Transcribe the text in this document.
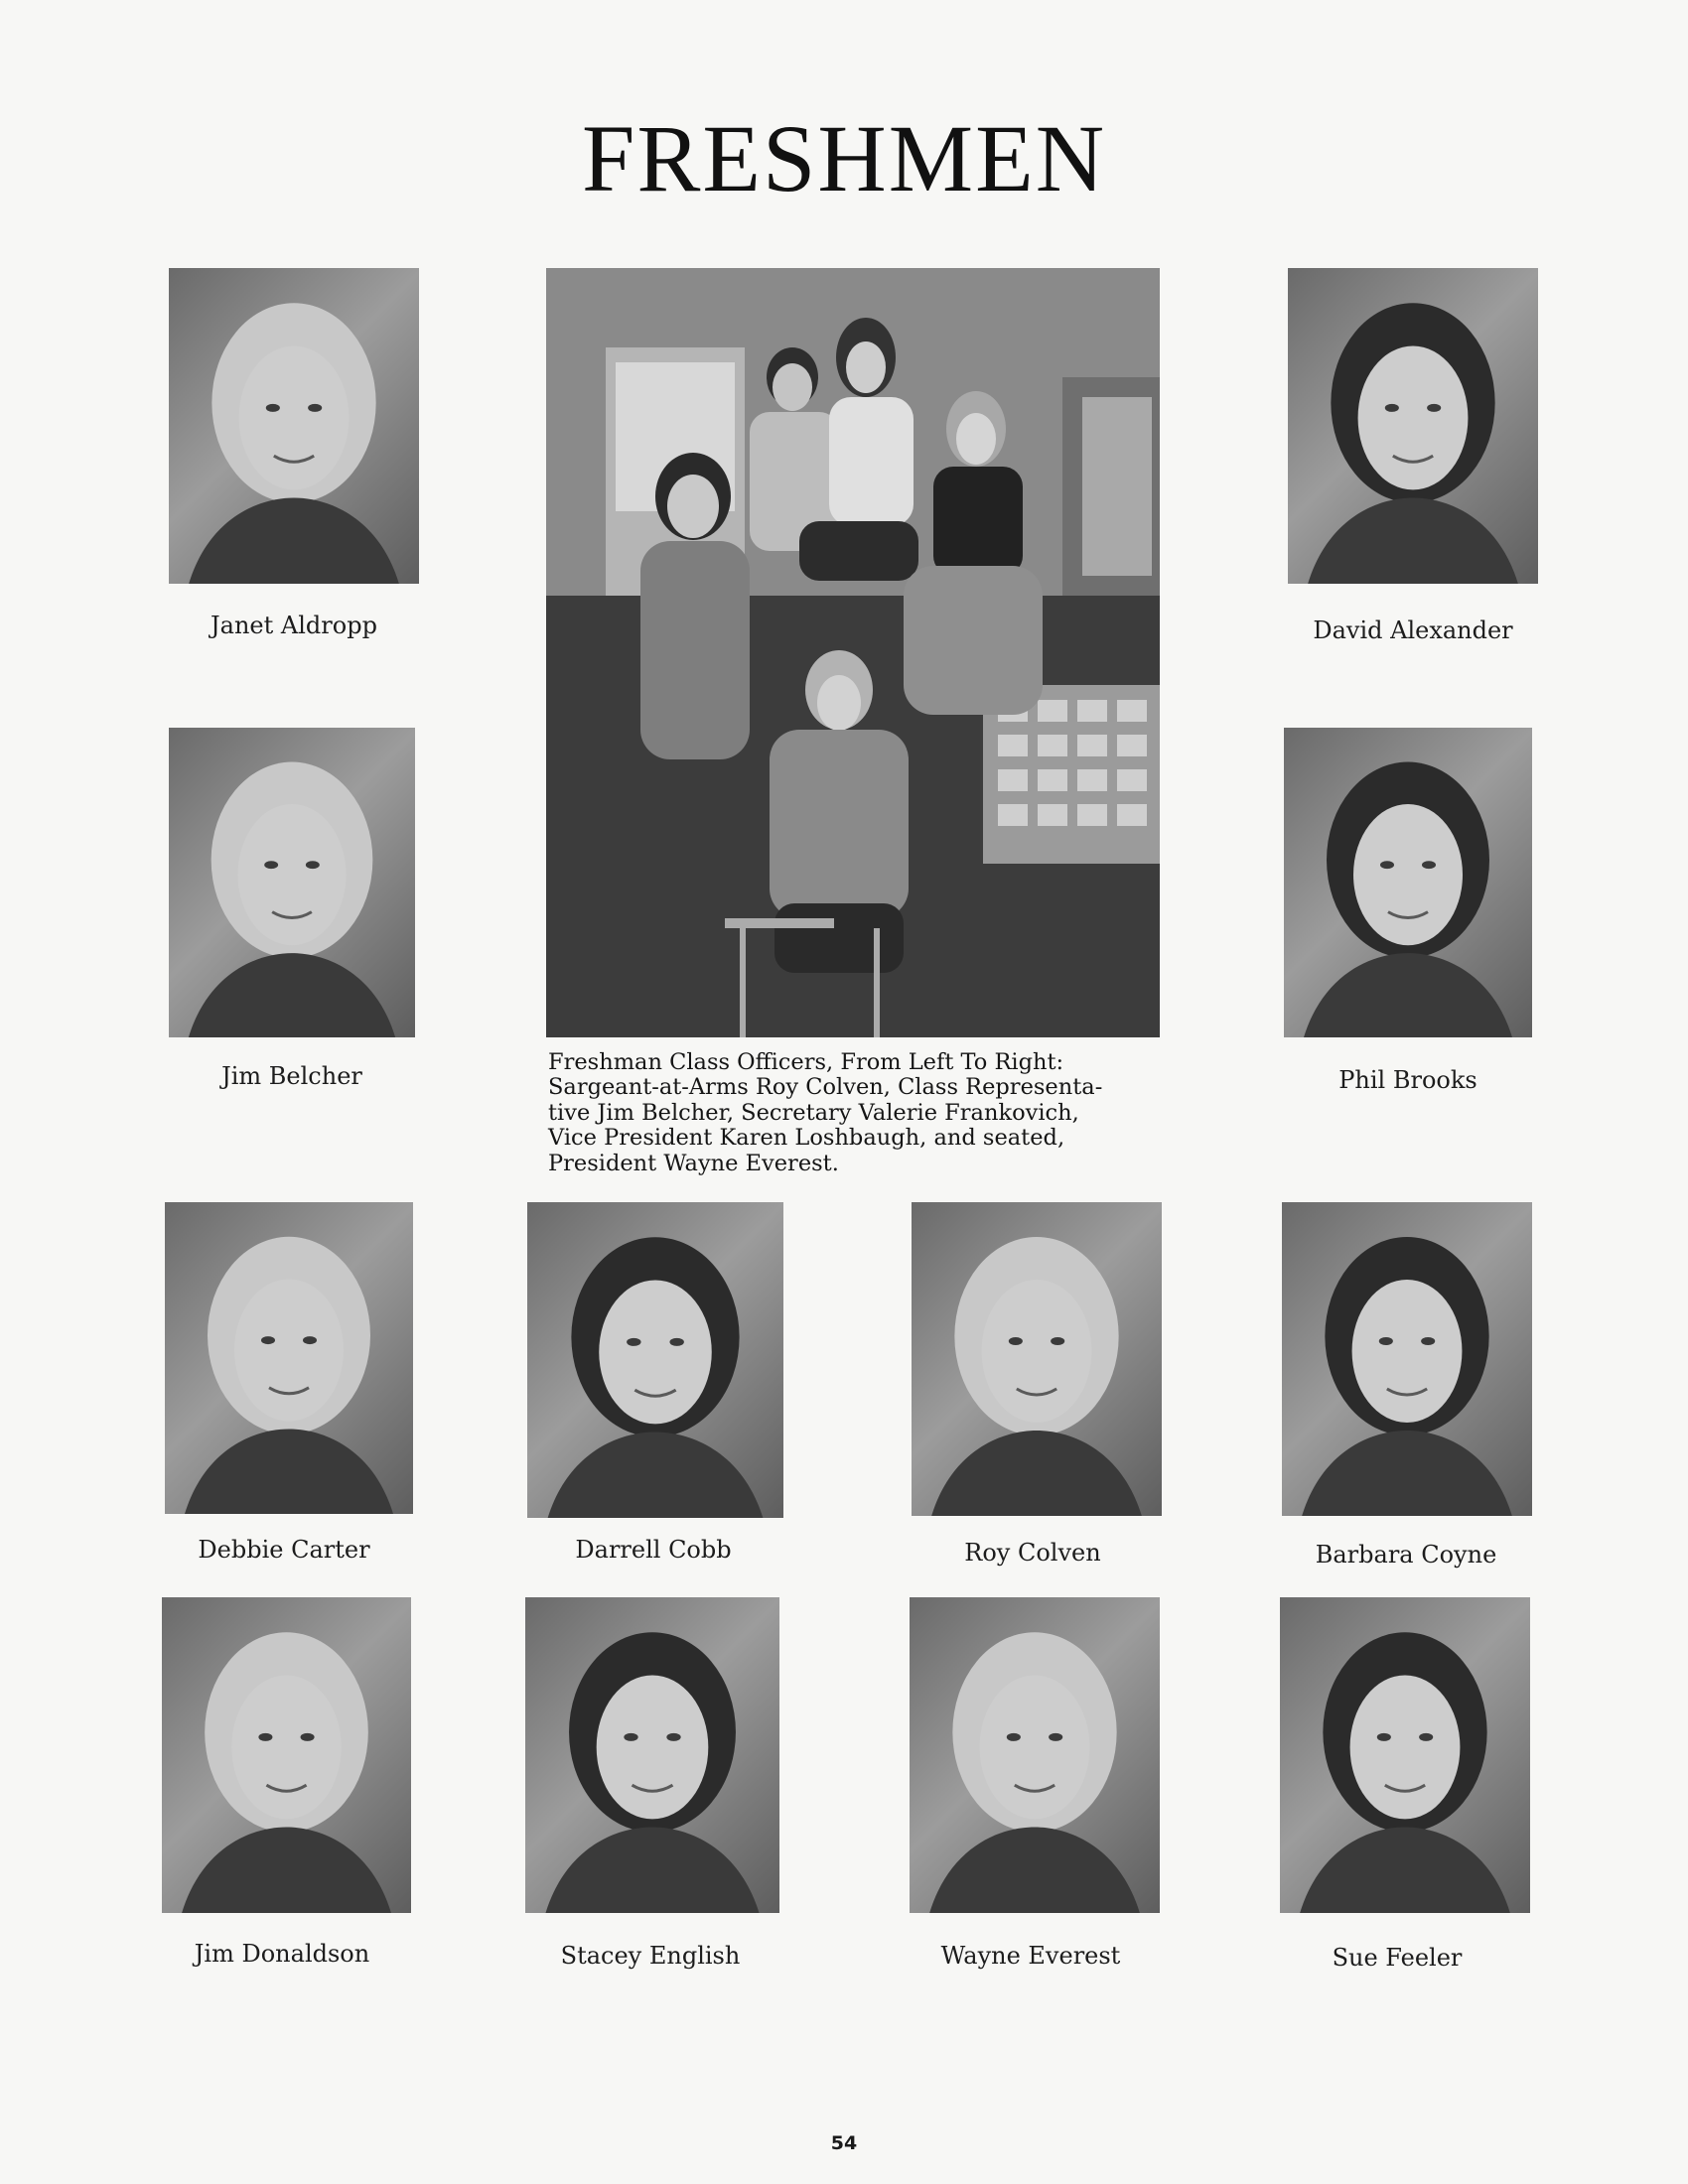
FRESHMEN

Freshman Class Officers, From Left To Right:
Sargeant-at-Arms Roy Colven, Class Representa-
tive Jim Belcher, Secretary Valerie Frankovich,
Vice President Karen Loshbaugh, and seated,
President Wayne Everest.

Janet Aldropp	David Alexander
Jim Belcher	Phil Brooks
Debbie Carter	Darrell Cobb	Roy Colven	Barbara Coyne
Jim Donaldson	Stacey English	Wayne Everest	Sue Feeler
54
